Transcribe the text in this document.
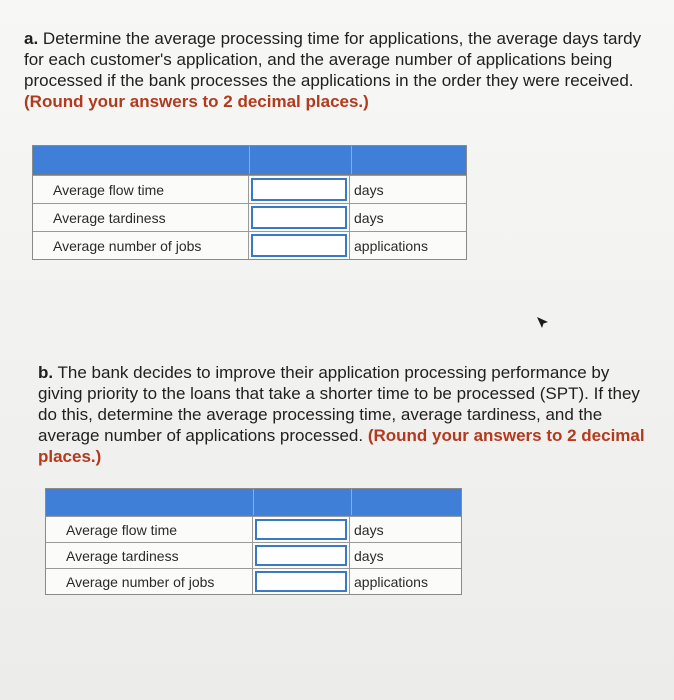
a. Determine the average processing time for applications, the average days tardy for each customer's application, and the average number of applications being processed if the bank processes the applications in the order they were received. (Round your answers to 2 decimal places.)
Average flow time	days
Average tardiness	days
Average number of jobs	applications
b. The bank decides to improve their application processing performance by giving priority to the loans that take a shorter time to be processed (SPT). If they do this, determine the average processing time, average tardiness, and the average number of applications processed. (Round your answers to 2 decimal places.)
Average flow time	days
Average tardiness	days
Average number of jobs	applications
